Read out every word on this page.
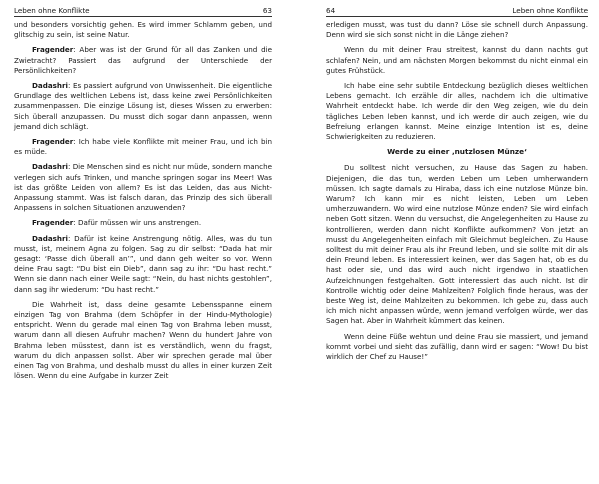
Leben ohne Konflikte	63

und besonders vorsichtig gehen. Es wird immer Schlamm geben, und glitschig zu sein, ist seine Natur.

Fragender: Aber was ist der Grund für all das Zanken und die Zwietracht? Passiert das aufgrund der Unterschiede der Persönlichkeiten?

Dadashri: Es passiert aufgrund von Unwissenheit. Die eigentliche Grundlage des weltlichen Lebens ist, dass keine zwei Persönlichkeiten zusammenpassen. Die einzige Lösung ist, dieses Wissen zu erwerben: Sich überall anzupassen. Du musst dich sogar dann anpassen, wenn jemand dich schlägt.

Fragender: Ich habe viele Konflikte mit meiner Frau, und ich bin es müde.

Dadashri: Die Menschen sind es nicht nur müde, sondern manche verlegen sich aufs Trinken, und manche springen sogar ins Meer! Was ist das größte Leiden von allem? Es ist das Leiden, das aus Nicht-Anpassung stammt. Was ist falsch daran, das Prinzip des sich überall Anpassens in solchen Situationen anzuwenden?

Fragender: Dafür müssen wir uns anstrengen.

Dadashri: Dafür ist keine Anstrengung nötig. Alles, was du tun musst, ist, meinem Agna zu folgen. Sag zu dir selbst: “Dada hat mir gesagt: ‘Passe dich überall an’”, und dann geh weiter so vor. Wenn deine Frau sagt: “Du bist ein Dieb”, dann sag zu ihr: “Du hast recht.” Wenn sie dann nach einer Weile sagt: “Nein, du hast nichts gestohlen”, dann sag ihr wiederum: “Du hast recht.”

Die Wahrheit ist, dass deine gesamte Lebensspanne einem einzigen Tag von Brahma (dem Schöpfer in der Hindu-Mythologie) entspricht. Wenn du gerade mal einen Tag von Brahma leben musst, warum dann all diesen Aufruhr machen? Wenn du hundert Jahre von Brahma leben müsstest, dann ist es verständlich, wenn du fragst, warum du dich anpassen sollst. Aber wir sprechen gerade mal über einen Tag von Brahma, und deshalb musst du alles in einer kurzen Zeit lösen. Wenn du eine Aufgabe in kurzer Zeit

64	Leben ohne Konflikte

erledigen musst, was tust du dann? Löse sie schnell durch Anpassung. Denn wird sie sich sonst nicht in die Länge ziehen?

Wenn du mit deiner Frau streitest, kannst du dann nachts gut schlafen? Nein, und am nächsten Morgen bekommst du nicht einmal ein gutes Frühstück.

Ich habe eine sehr subtile Entdeckung bezüglich dieses weltlichen Lebens gemacht. Ich erzähle dir alles, nachdem ich die ultimative Wahrheit entdeckt habe. Ich werde dir den Weg zeigen, wie du dein tägliches Leben leben kannst, und ich werde dir auch zeigen, wie du Befreiung erlangen kannst. Meine einzige Intention ist es, deine Schwierigkeiten zu reduzieren.

Werde zu einer ‚nutzlosen Münze‘

Du solltest nicht versuchen, zu Hause das Sagen zu haben. Diejenigen, die das tun, werden Leben um Leben umherwandern müssen. Ich sagte damals zu Hiraba, dass ich eine nutzlose Münze bin. Warum? Ich kann mir es nicht leisten, Leben um Leben umherzuwandern. Wo wird eine nutzlose Münze enden? Sie wird einfach neben Gott sitzen. Wenn du versuchst, die Angelegenheiten zu Hause zu kontrollieren, werden dann nicht Konflikte aufkommen? Von jetzt an musst du Angelegenheiten einfach mit Gleichmut begleichen. Zu Hause solltest du mit deiner Frau als ihr Freund leben, und sie sollte mit dir als dein Freund leben. Es interessiert keinen, wer das Sagen hat, ob es du hast oder sie, und das wird auch nicht irgendwo in staatlichen Aufzeichnungen festgehalten. Gott interessiert das auch nicht. Ist dir Kontrolle wichtig oder deine Mahlzeiten? Folglich finde heraus, was der beste Weg ist, deine Mahlzeiten zu bekommen. Ich gebe zu, dass auch ich mich nicht anpassen würde, wenn jemand verfolgen würde, wer das Sagen hat. Aber in Wahrheit kümmert das keinen.

Wenn deine Füße wehtun und deine Frau sie massiert, und jemand kommt vorbei und sieht das zufällig, dann wird er sagen: “Wow! Du bist wirklich der Chef zu Hause!”
